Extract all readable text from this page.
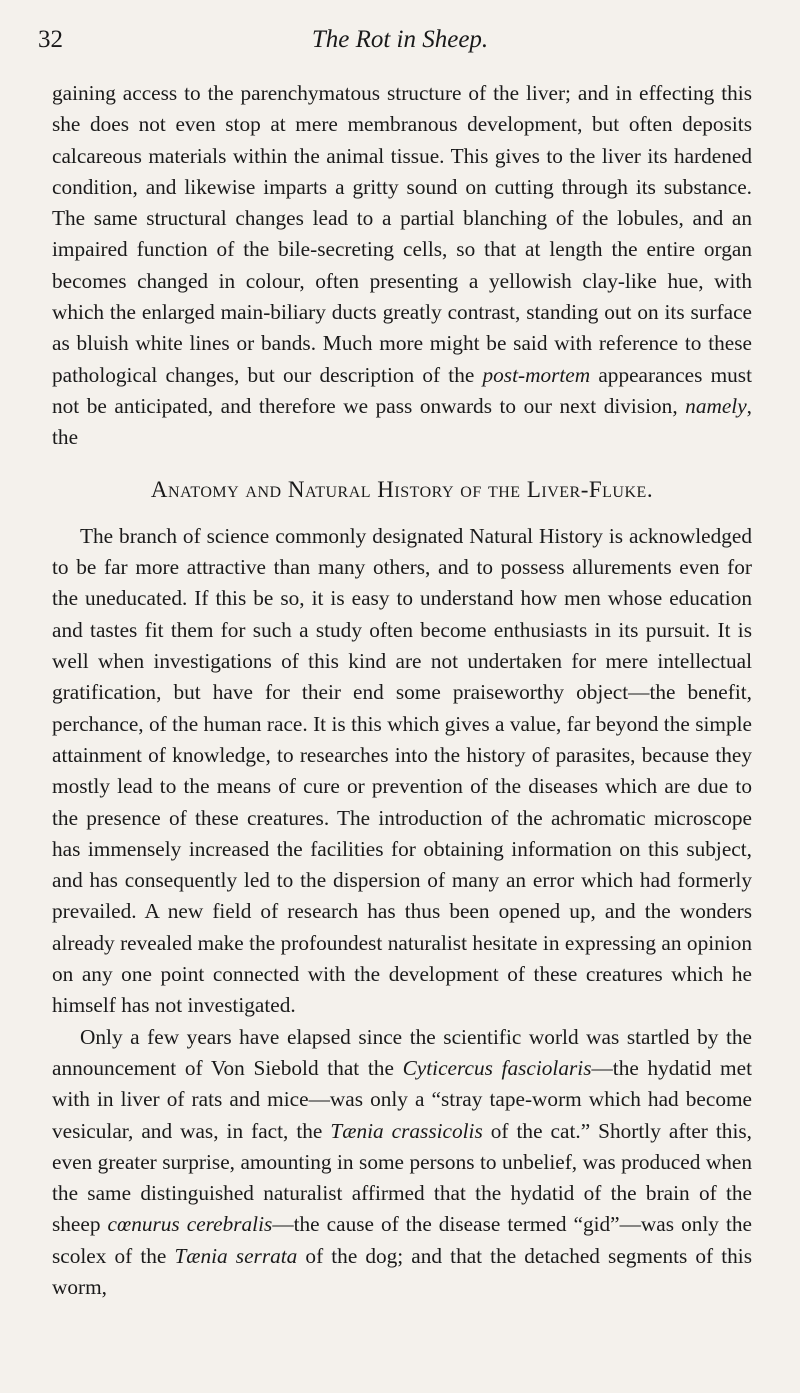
32	The Rot in Sheep.

gaining access to the parenchymatous structure of the liver; and in effecting this she does not even stop at mere membranous development, but often deposits calcareous materials within the animal tissue. This gives to the liver its hardened condition, and likewise imparts a gritty sound on cutting through its substance. The same structural changes lead to a partial blanching of the lobules, and an impaired function of the bile-secreting cells, so that at length the entire organ becomes changed in colour, often presenting a yellowish clay-like hue, with which the enlarged main-biliary ducts greatly contrast, standing out on its surface as bluish white lines or bands. Much more might be said with reference to these pathological changes, but our description of the post-mortem appearances must not be anticipated, and therefore we pass onwards to our next division, namely, the

Anatomy and Natural History of the Liver-Fluke.

The branch of science commonly designated Natural History is acknowledged to be far more attractive than many others, and to possess allurements even for the uneducated. If this be so, it is easy to understand how men whose education and tastes fit them for such a study often become enthusiasts in its pursuit. It is well when investigations of this kind are not undertaken for mere intellectual gratification, but have for their end some praiseworthy object—the benefit, perchance, of the human race. It is this which gives a value, far beyond the simple attainment of knowledge, to researches into the history of parasites, because they mostly lead to the means of cure or prevention of the diseases which are due to the presence of these creatures. The introduction of the achromatic microscope has immensely increased the facilities for obtaining information on this subject, and has consequently led to the dispersion of many an error which had formerly prevailed. A new field of research has thus been opened up, and the wonders already revealed make the profoundest naturalist hesitate in expressing an opinion on any one point connected with the development of these creatures which he himself has not investigated.

Only a few years have elapsed since the scientific world was startled by the announcement of Von Siebold that the Cyticercus fasciolaris—the hydatid met with in liver of rats and mice—was only a “stray tape-worm which had become vesicular, and was, in fact, the Tænia crassicolis of the cat.” Shortly after this, even greater surprise, amounting in some persons to unbelief, was produced when the same distinguished naturalist affirmed that the hydatid of the brain of the sheep cœnurus cerebralis—the cause of the disease termed “gid”—was only the scolex of the Tænia serrata of the dog; and that the detached segments of this worm,
